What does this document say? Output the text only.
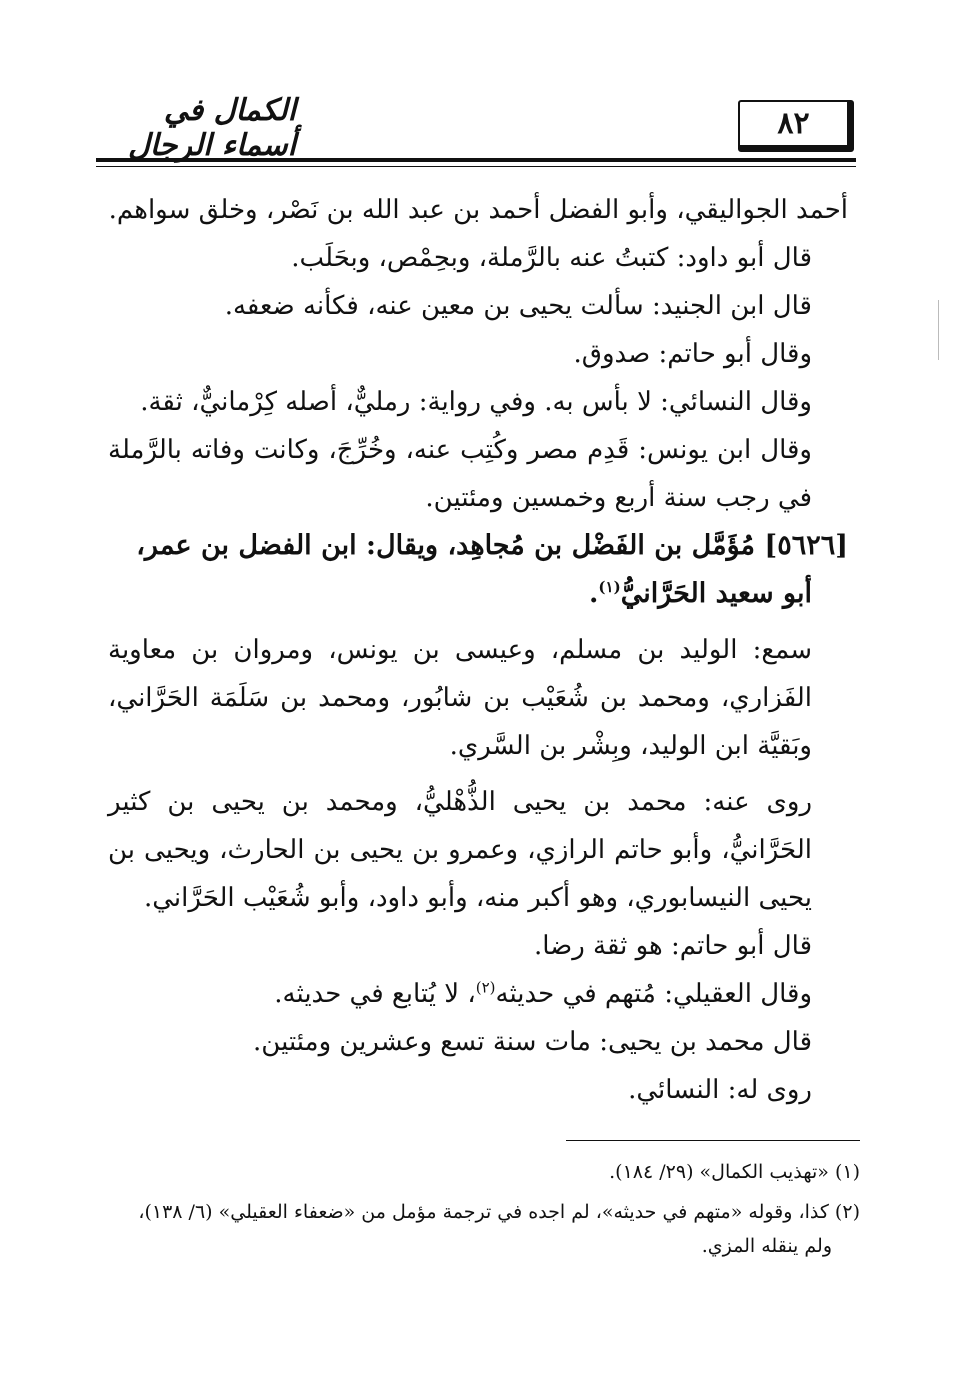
٨٢
الكمال في أسماء الرجال

أحمد الجواليقي، وأبو الفضل أحمد بن عبد الله بن نَصْر، وخلق سواهم.

قال أبو داود: كتبتُ عنه بالرَّملة، وبحِمْص، وبحَلَب.

قال ابن الجنيد: سألت يحيى بن معين عنه، فكأنه ضعفه.

وقال أبو حاتم: صدوق.

وقال النسائي: لا بأس به. وفي رواية: رمليٌّ، أصله كِرْمانيٌّ، ثقة.

وقال ابن يونس: قَدِم مصر وكُتِب عنه، وخُرِّجَ، وكانت وفاته بالرَّملة في رجب سنة أربع وخمسين ومئتين.

[٥٦٢٦] مُؤَمَّل بن الفَضْل بن مُجاهِد، ويقال: ابن الفضل بن عمر،

أبو سعيد الحَرَّانيُّ$^{(١)}$.

سمع: الوليد بن مسلم، وعيسى بن يونس، ومروان بن معاوية الفَزاري، ومحمد بن شُعَيْب بن شابُور، ومحمد بن سَلَمَة الحَرَّاني، وبَقيَّة ابن الوليد، وبِشْر بن السَّري.

روى عنه: محمد بن يحيى الذُّهْليُّ، ومحمد بن يحيى بن كثير الحَرَّانيُّ، وأبو حاتم الرازي، وعمرو بن يحيى بن الحارث، ويحيى بن يحيى النيسابوري، وهو أكبر منه، وأبو داود، وأبو شُعَيْب الحَرَّاني.

قال أبو حاتم: هو ثقة رضا.

وقال العقيلي: مُتهم في حديثه$^{(٢)}$، لا يُتابع في حديثه.

قال محمد بن يحيى: مات سنة تسع وعشرين ومئتين.

روى له: النسائي.

(١) «تهذيب الكمال» (٢٩/ ١٨٤).

(٢) كذا، وقوله «متهم في حديثه»، لم اجده في ترجمة مؤمل من «ضعفاء العقيلي» (٦/ ١٣٨)،

ولم ينقله المزي.
